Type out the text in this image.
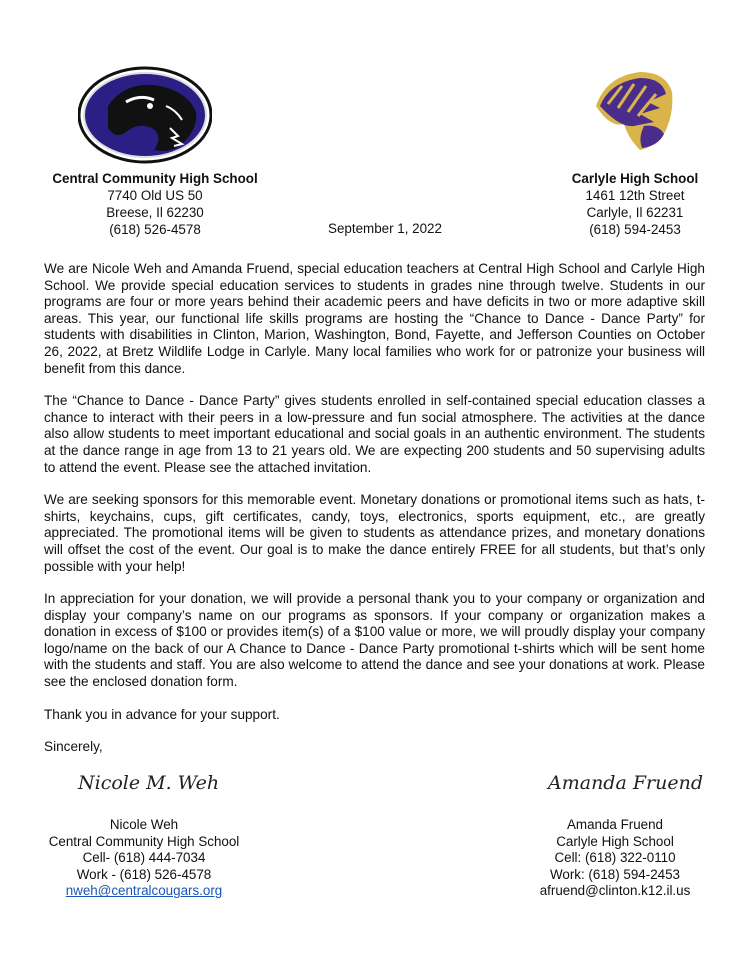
Central Community High School
7740 Old US 50
Breese, Il 62230
(618) 526-4578	September 1, 2022
Carlyle High School
1461 12th Street
Carlyle, Il 62231
(618) 594-2453

We are Nicole Weh and Amanda Fruend, special education teachers at Central High School and Carlyle High School. We provide special education services to students in grades nine through twelve. Students in our programs are four or more years behind their academic peers and have deficits in two or more adaptive skill areas. This year, our functional life skills programs are hosting the “Chance to Dance - Dance Party” for students with disabilities in Clinton, Marion, Washington, Bond, Fayette, and Jefferson Counties on October 26, 2022, at Bretz Wildlife Lodge in Carlyle. Many local families who work for or patronize your business will benefit from this dance.

The “Chance to Dance - Dance Party” gives students enrolled in self-contained special education classes a chance to interact with their peers in a low-pressure and fun social atmosphere. The activities at the dance also allow students to meet important educational and social goals in an authentic environment. The students at the dance range in age from 13 to 21 years old. We are expecting 200 students and 50 supervising adults to attend the event. Please see the attached invitation.

We are seeking sponsors for this memorable event. Monetary donations or promotional items such as hats, t-shirts, keychains, cups, gift certificates, candy, toys, electronics, sports equipment, etc., are greatly appreciated. The promotional items will be given to students as attendance prizes, and monetary donations will offset the cost of the event. Our goal is to make the dance entirely FREE for all students, but that’s only possible with your help!

In appreciation for your donation, we will provide a personal thank you to your company or organization and display your company’s name on our programs as sponsors. If your company or organization makes a donation in excess of $100 or provides item(s) of a $100 value or more, we will proudly display your company logo/name on the back of our A Chance to Dance - Dance Party promotional t-shirts which will be sent home with the students and staff. You are also welcome to attend the dance and see your donations at work. Please see the enclosed donation form.

Thank you in advance for your support.

Sincerely,

Nicole M. Weh	Amanda Fruend
Nicole Weh
Central Community High School
Cell- (618) 444-7034
Work - (618) 526-4578
nweh@centralcougars.org
Amanda Fruend
Carlyle High School
Cell: (618) 322-0110
Work: (618) 594-2453
afruend@clinton.k12.il.us
